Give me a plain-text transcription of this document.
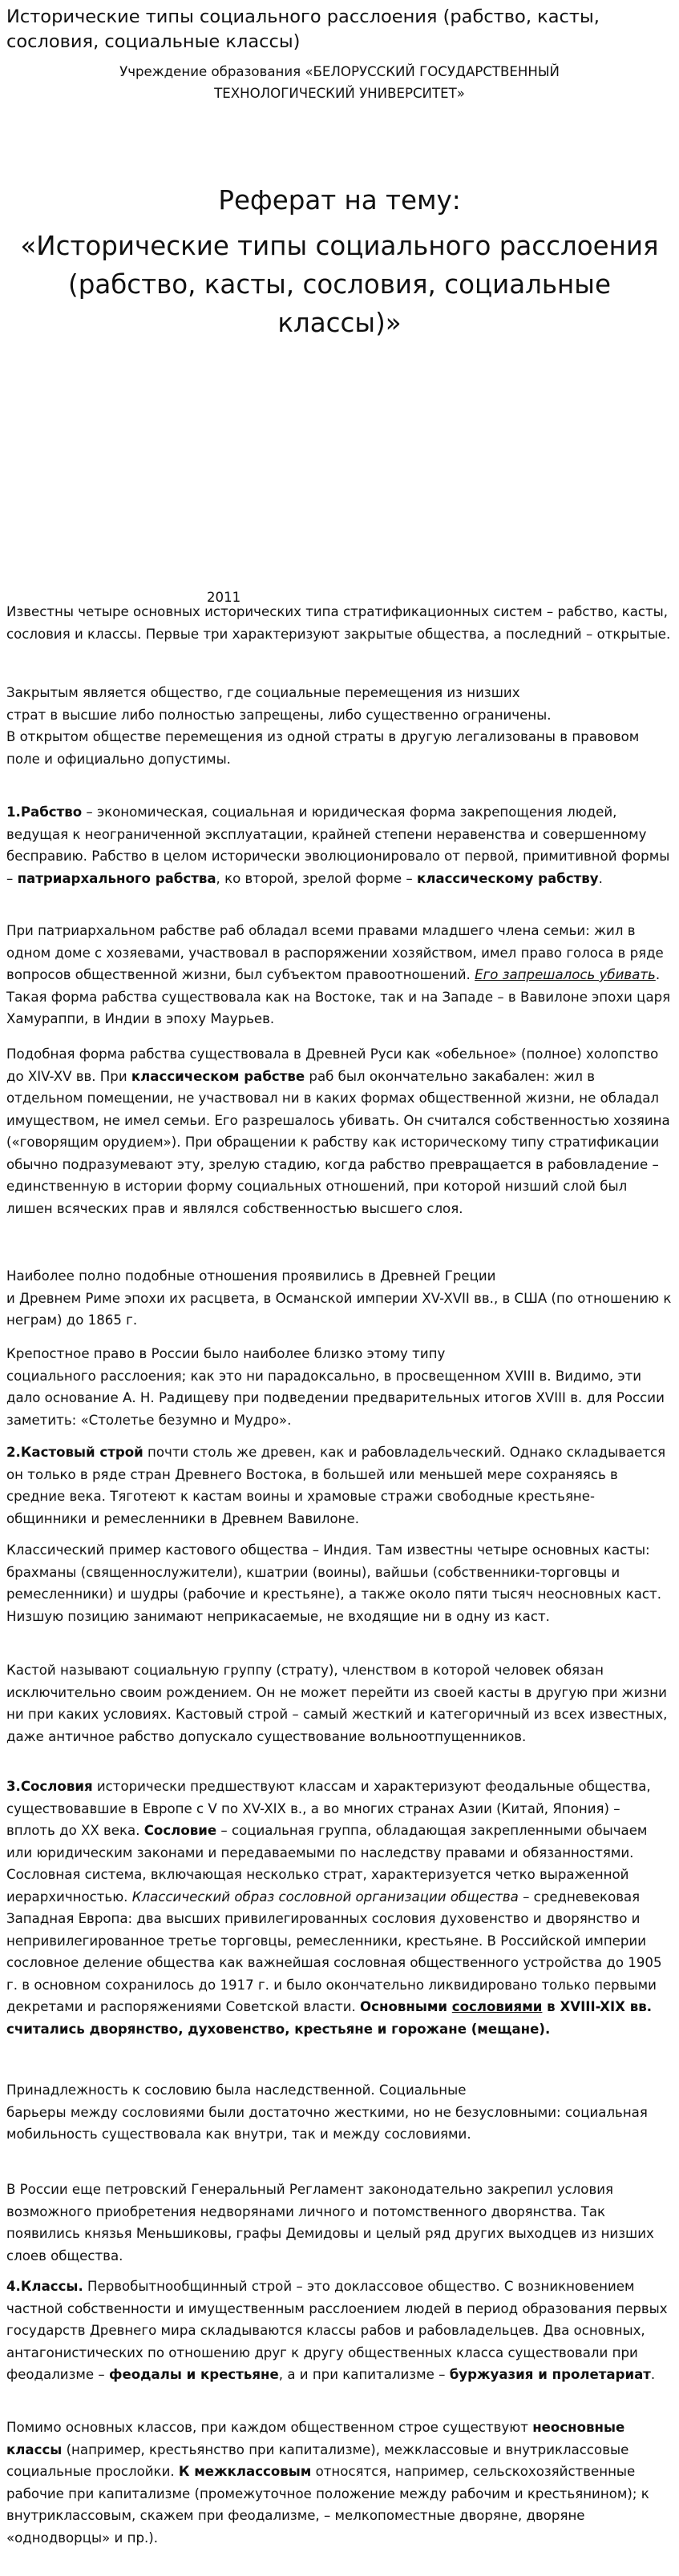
Исторические типы социального расслоения (рабство, касты, сословия, социальные классы)
Учреждение образования «БЕЛОРУССКИЙ ГОСУДАРСТВЕННЫЙ
ТЕХНОЛОГИЧЕСКИЙ УНИВЕРСИТЕТ»
Реферат на тему:
«Исторические типы социального расслоения (рабство, касты, сословия, социальные классы)»
2011

Известны четыре основных исторических типа стратификационных систем – рабство, касты, сословия и классы. Первые три характеризуют закрытые общества, а последний – открытые.

Закрытым является общество, где социальные перемещения из низших
страт в высшие либо полностью запрещены, либо существенно ограничены.
В открытом обществе перемещения из одной страты в другую легализованы в правовом поле и официально допустимы.

1.Рабство – экономическая, социальная и юридическая форма закрепощения людей, ведущая к неограниченной эксплуатации, крайней степени неравенства и совершенному бесправию. Рабство в целом исторически эволюционировало от первой, примитивной формы – патриархального рабства, ко второй, зрелой форме – классическому рабству.

При патриархальном рабстве раб обладал всеми правами младшего члена семьи: жил в одном доме с хозяевами, участвовал в распоряжении хозяйством, имел право голоса в ряде вопросов общественной жизни, был субъектом правоотношений. Его запрешалось убивать. Такая форма рабства существовала как на Востоке, так и на Западе – в Вавилоне эпохи царя Хамураппи, в Индии в эпоху Маурьев.

Подобная форма рабства существовала в Древней Руси как «обельное» (полное) холопство до XIV-XV вв. При классическом рабстве раб был окончательно закабален: жил в отдельном помещении, не участвовал ни в каких формах общественной жизни, не обладал имуществом, не имел семьи. Его разрешалось убивать. Он считался собственностью хозяина («говорящим орудием»). При обращении к рабству как историческому типу стратификации обычно подразумевают эту, зрелую стадию, когда рабство превращается в рабовладение – единственную в истории форму социальных отношений, при которой низший слой был лишен всяческих прав и являлся собственностью высшего слоя.

Наиболее полно подобные отношения проявились в Древней Греции
и Древнем Риме эпохи их расцвета, в Османской империи XV-XVII вв., в США (по отношению к неграм) до 1865 г.

Крепостное право в России было наиболее близко этому типу
социального расслоения; как это ни парадоксально, в просвещенном XVIII в. Видимо, эти дало основание А. Н. Радищеву при подведении предварительных итогов XVIII в. для России заметить: «Столетье безумно и Мудро».

2.Кастовый строй почти столь же древен, как и рабовладельческий. Однако складывается он только в ряде стран Древнего Востока, в большей или меньшей мере сохраняясь в средние века. Тяготеют к кастам воины и храмовые стражи свободные крестьяне-общинники и ремесленники в Древнем Вавилоне.

Классический пример кастового общества – Индия. Там известны четыре основных касты: брахманы (священнослужители), кшатрии (воины), вайшьи (собственники-торговцы и ремесленники) и шудры (рабочие и крестьяне), а также около пяти тысяч неосновных каст. Низшую позицию занимают неприкасаемые, не входящие ни в одну из каст.

Кастой называют социальную группу (страту), членством в которой человек обязан исключительно своим рождением. Он не может перейти из своей касты в другую при жизни ни при каких условиях. Кастовый строй – самый жесткий и категоричный из всех известных, даже античное рабство допускало существование вольноотпущенников.

3.Сословия исторически предшествуют классам и характеризуют феодальные общества, существовавшие в Европе с V по XV-XIX в., а во многих странах Азии (Китай, Япония) – вплоть до XX века. Сословие – социальная группа, обладающая закрепленными обычаем или юридическим законами и передаваемыми по наследству правами и обязанностями. Сословная система, включающая несколько страт, характеризуется четко выраженной иерархичностью. Классический образ сословной организации общества – средневековая Западная Европа: два высших привилегированных сословия духовенство и дворянство и непривилегированное третье торговцы, ремесленники, крестьяне. В Российской империи сословное деление общества как важнейшая сословная общественного устройства до 1905 г. в основном сохранилось до 1917 г. и было окончательно ликвидировано только первыми декретами и распоряжениями Советской власти. Основными сословиями в XVIII-XIX вв. считались дворянство, духовенство, крестьяне и горожане (мещане).

Принадлежность к сословию была наследственной. Социальные
барьеры между сословиями были достаточно жесткими, но не безусловными: социальная мобильность существовала как внутри, так и между сословиями.

В России еще петровский Генеральный Регламент законодательно закрепил условия возможного приобретения недворянами личного и потомственного дворянства. Так появились князья Меньшиковы, графы Демидовы и целый ряд других выходцев из низших слоев общества.

4.Классы. Первобытнообщинный строй – это доклассовое общество. С возникновением частной собственности и имущественным расслоением людей в период образования первых государств Древнего мира складываются классы рабов и рабовладельцев. Два основных, антагонистических по отношению друг к другу общественных класса существовали при феодализме – феодалы и крестьяне, а и при капитализме – буржуазия и пролетариат.

Помимо основных классов, при каждом общественном строе существуют неосновные классы (например, крестьянство при капитализме), межклассовые и внутриклассовые социальные прослойки. К межклассовым относятся, например, сельскохозяйственные рабочие при капитализме (промежуточное положение между рабочим и крестьянином); к внутриклассовым, скажем при феодализме, – мелкопоместные дворяне, дворяне «однодворцы» и пр.).
